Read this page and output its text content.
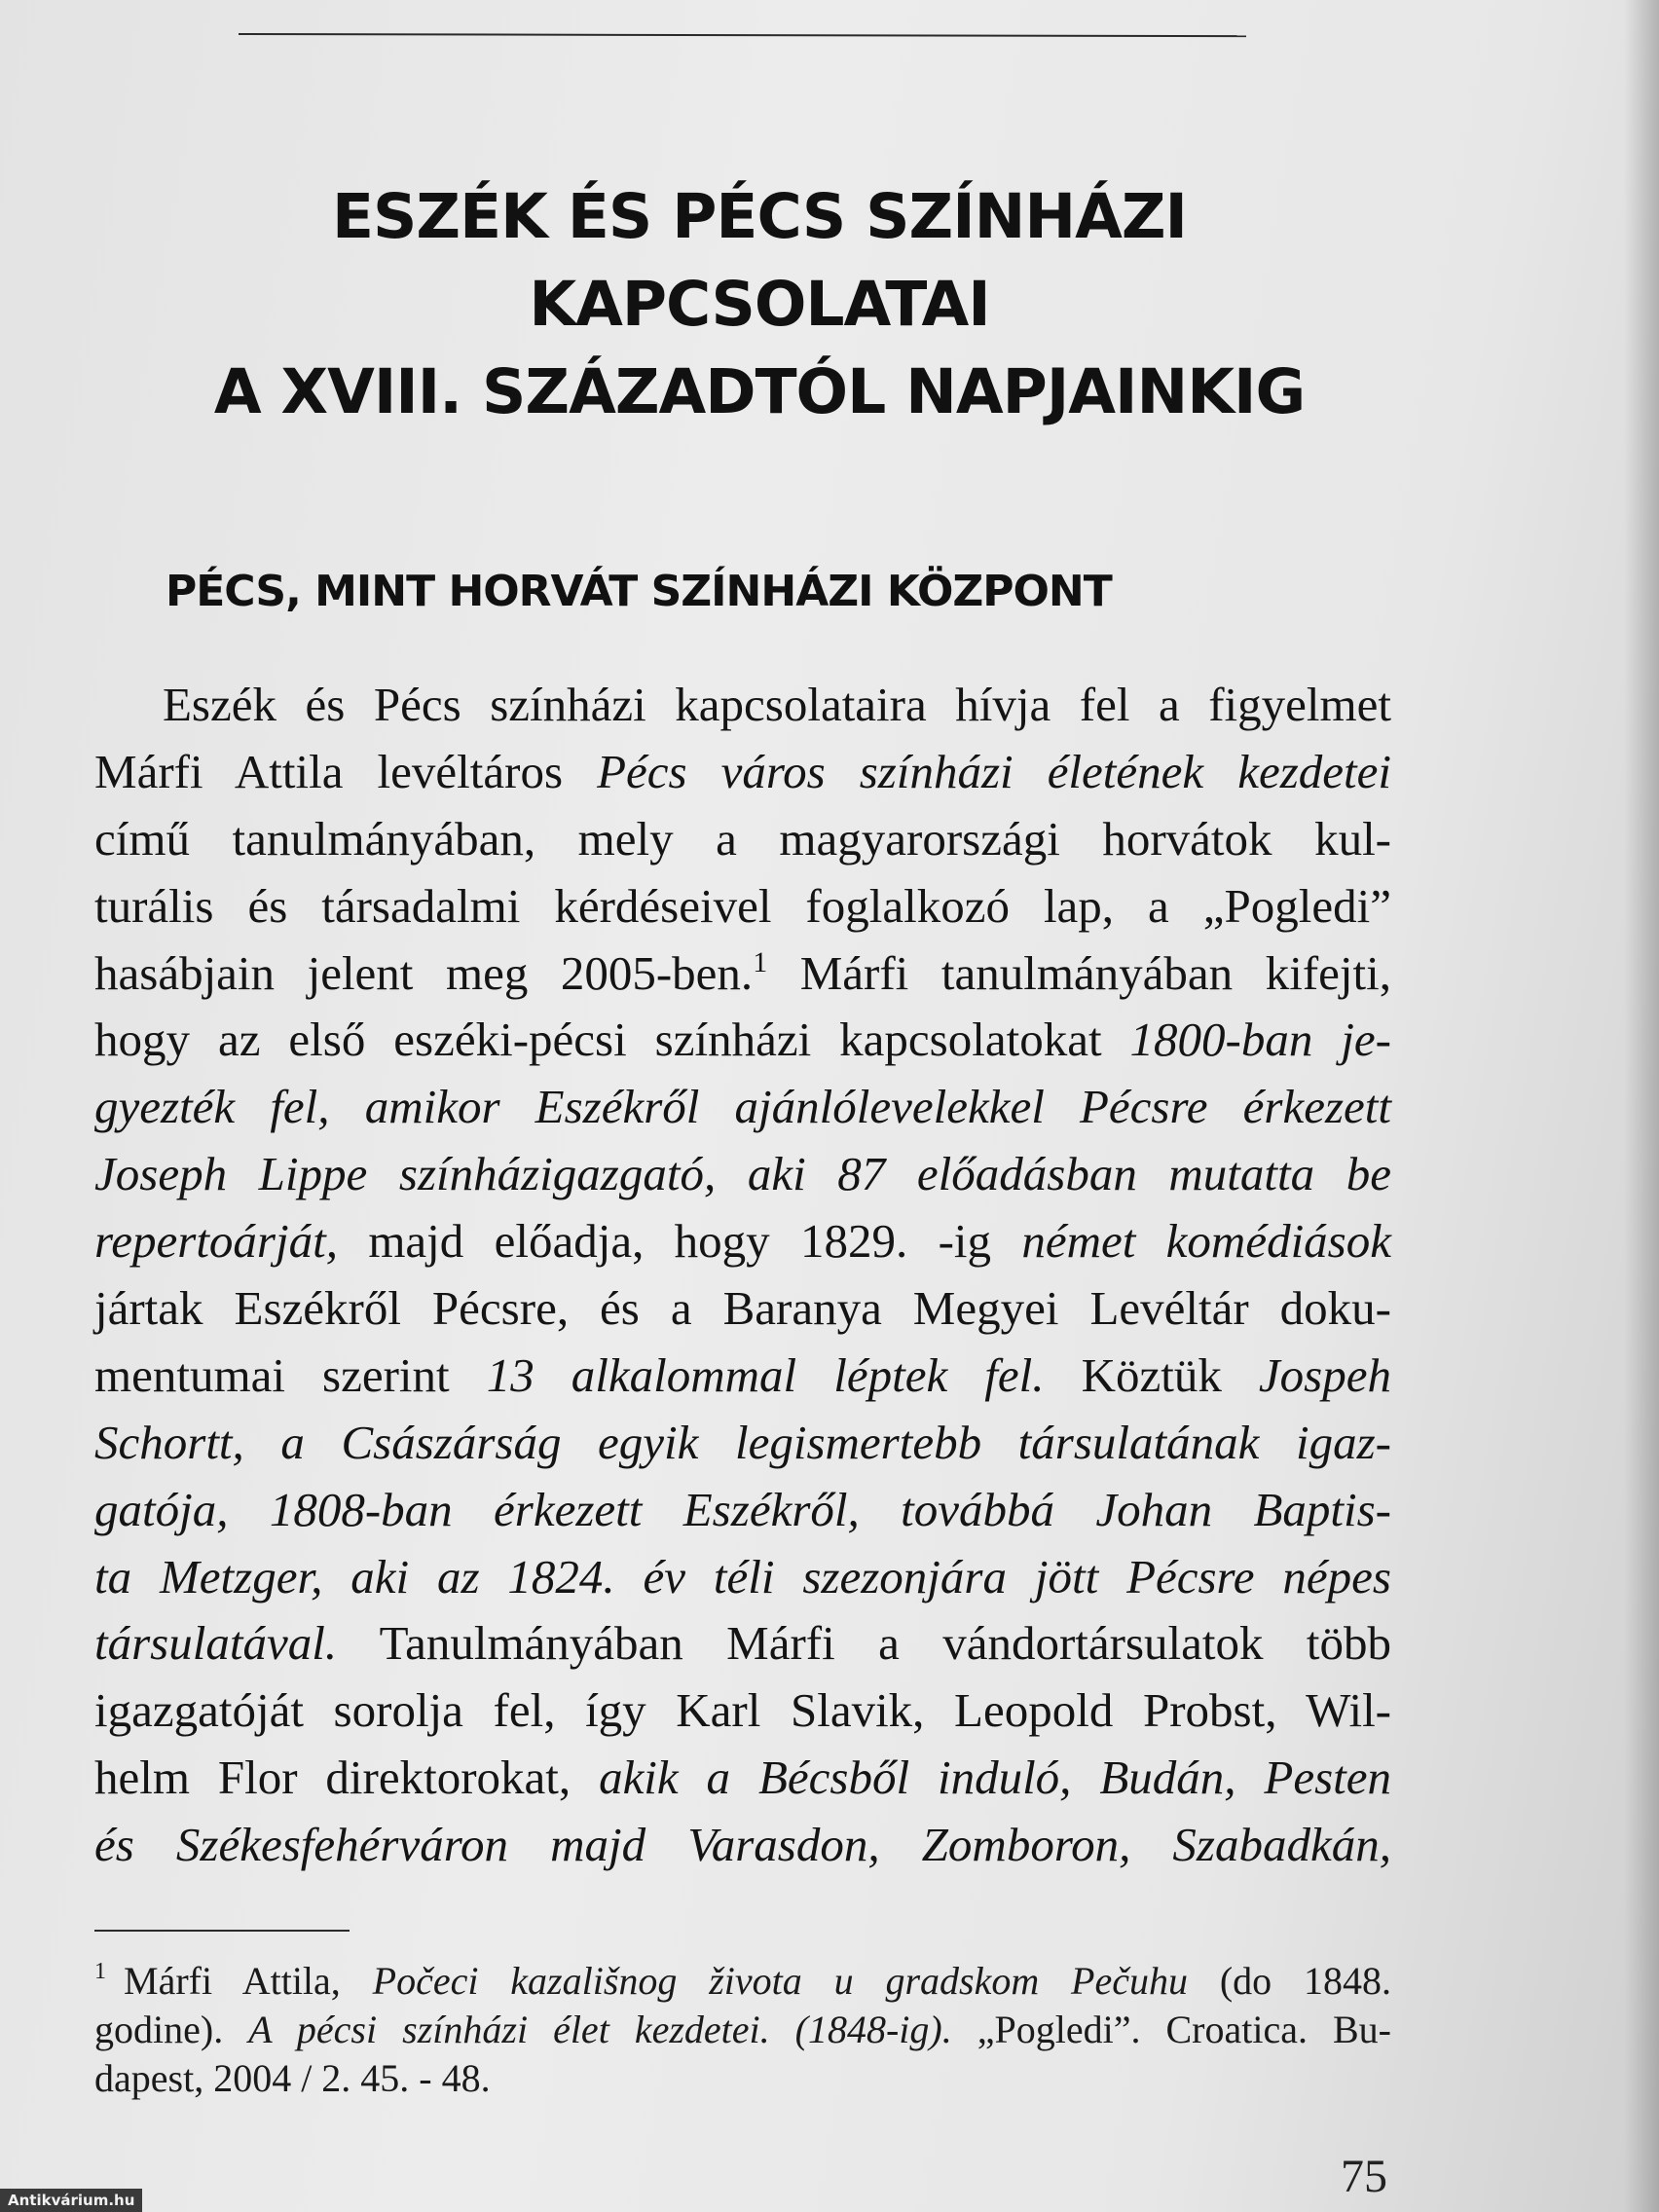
ESZÉK ÉS PÉCS SZÍNHÁZI KAPCSOLATAI
A XVIII. SZÁZADTÓL NAPJAINKIG
PÉCS, MINT HORVÁT SZÍNHÁZI KÖZPONT
Eszék és Pécs színházi kapcsolataira hívja fel a figyelmet
Márfi Attila levéltáros Pécs város színházi életének kezdetei
című tanulmányában, mely a magyarországi horvátok kul-
turális és társadalmi kérdéseivel foglalkozó lap, a „Pogledi”
hasábjain jelent meg 2005-ben.$^1$ Márfi tanulmányában kifejti,
hogy az első eszéki-pécsi színházi kapcsolatokat 1800-ban je-
gyezték fel, amikor Eszékről ajánlólevelekkel Pécsre érkezett
Joseph Lippe színházigazgató, aki 87 előadásban mutatta be
repertoárját, majd előadja, hogy 1829. -ig német komédiások
jártak Eszékről Pécsre, és a Baranya Megyei Levéltár doku-
mentumai szerint 13 alkalommal léptek fel. Köztük Jospeh
Schortt, a Császárság egyik legismertebb társulatának igaz-
gatója, 1808-ban érkezett Eszékről, továbbá Johan Baptis-
ta Metzger, aki az 1824. év téli szezonjára jött Pécsre népes
társulatával. Tanulmányában Márfi a vándortársulatok több
igazgatóját sorolja fel, így Karl Slavik, Leopold Probst, Wil-
helm Flor direktorokat, akik a Bécsből induló, Budán, Pesten
és Székesfehérváron majd Varasdon, Zomboron, Szabadkán,
$^1$ Márfi Attila, Počeci kazališnog života u gradskom Pečuhu (do 1848.
godine). A pécsi színházi élet kezdetei. (1848-ig). „Pogledi”. Croatica. Bu-
dapest, 2004 / 2. 45. - 48.
75
Antikvárium.hu
